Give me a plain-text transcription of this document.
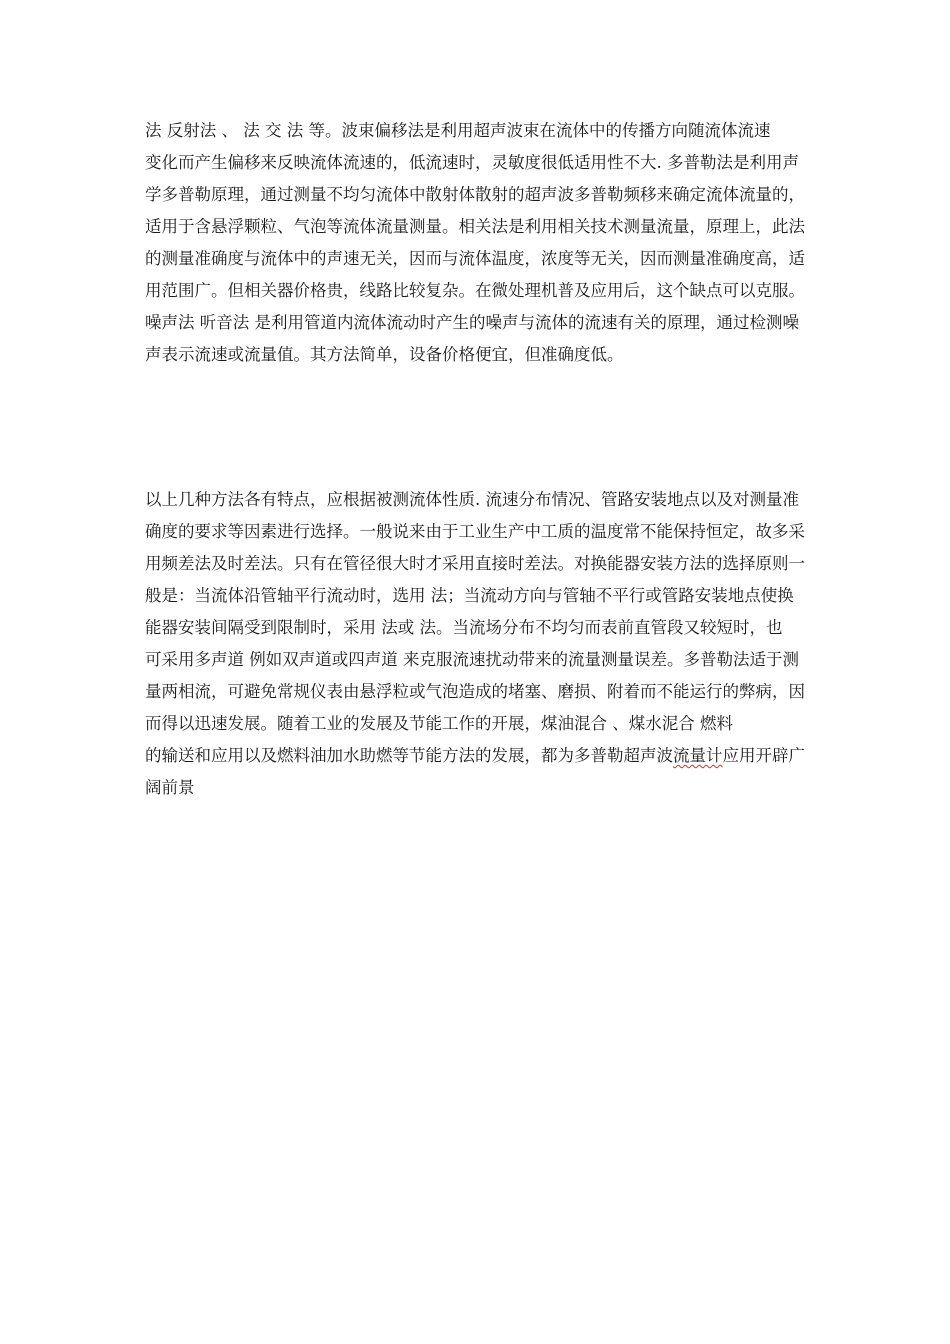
法 反射法 、 法 交 法 等。波束偏移法是利用超声波束在流体中的传播方向随流体流速
变化而产生偏移来反映流体流速的，低流速时，灵敏度很低适用性不大. 多普勒法是利用声
学多普勒原理，通过测量不均匀流体中散射体散射的超声波多普勒频移来确定流体流量的，
适用于含悬浮颗粒、气泡等流体流量测量。相关法是利用相关技术测量流量，原理上，此法
的测量准确度与流体中的声速无关，因而与流体温度，浓度等无关，因而测量准确度高，适
用范围广。但相关器价格贵，线路比较复杂。在微处理机普及应用后，这个缺点可以克服。
噪声法 听音法 是利用管道内流体流动时产生的噪声与流体的流速有关的原理，通过检测噪
声表示流速或流量值。其方法简单，设备价格便宜，但准确度低。
以上几种方法各有特点，应根据被测流体性质. 流速分布情况、管路安装地点以及对测量准
确度的要求等因素进行选择。一般说来由于工业生产中工质的温度常不能保持恒定，故多采
用频差法及时差法。只有在管径很大时才采用直接时差法。对换能器安装方法的选择原则一
般是：当流体沿管轴平行流动时，选用 法；当流动方向与管轴不平行或管路安装地点使换
能器安装间隔受到限制时，采用 法或 法。当流场分布不均匀而表前直管段又较短时，也
可采用多声道 例如双声道或四声道 来克服流速扰动带来的流量测量误差。多普勒法适于测
量两相流，可避免常规仪表由悬浮粒或气泡造成的堵塞、磨损、附着而不能运行的弊病，因
而得以迅速发展。随着工业的发展及节能工作的开展，煤油混合 、煤水泥合 燃料
的输送和应用以及燃料油加水助燃等节能方法的发展，都为多普勒超声波流量计应用开辟广
阔前景
